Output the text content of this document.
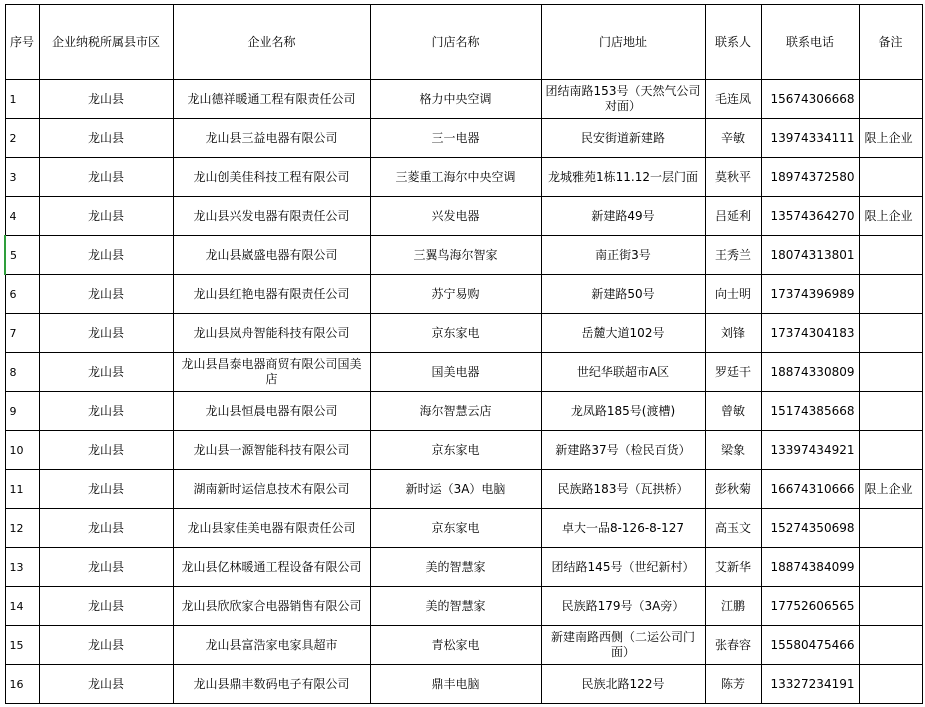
序号	企业纳税所属县市区	企业名称	门店名称	门店地址	联系人	联系电话	备注
1	龙山县	龙山德祥暖通工程有限责任公司	格力中央空调	团结南路153号（天然气公司对面）	毛连凤	15674306668	
2	龙山县	龙山县三益电器有限公司	三一电器	民安街道新建路	辛敏	13974334111	限上企业
3	龙山县	龙山创美佳科技工程有限公司	三菱重工海尔中央空调	龙城雅苑1栋11.12一层门面	莫秋平	18974372580	
4	龙山县	龙山县兴发电器有限责任公司	兴发电器	新建路49号	吕延利	13574364270	限上企业
5	龙山县	龙山县崴盛电器有限公司	三翼鸟海尔智家	南正街3号	王秀兰	18074313801	
6	龙山县	龙山县红艳电器有限责任公司	苏宁易购	新建路50号	向士明	17374396989	
7	龙山县	龙山县岚舟智能科技有限公司	京东家电	岳麓大道102号	刘锋	17374304183	
8	龙山县	龙山县昌泰电器商贸有限公司国美店	国美电器	世纪华联超市A区	罗廷干	18874330809	
9	龙山县	龙山县恒晨电器有限公司	海尔智慧云店	龙凤路185号(渡槽)	曾敏	15174385668	
10	龙山县	龙山县一源智能科技有限公司	京东家电	新建路37号（检民百货）	梁象	13397434921	
11	龙山县	湖南新时运信息技术有限公司	新时运（3A）电脑	民族路183号（瓦拱桥）	彭秋菊	16674310666	限上企业
12	龙山县	龙山县家佳美电器有限责任公司	京东家电	卓大一品8-126-8-127	高玉文	15274350698	
13	龙山县	龙山县亿林暖通工程设备有限公司	美的智慧家	团结路145号（世纪新村）	艾新华	18874384099	
14	龙山县	龙山县欣欣家合电器销售有限公司	美的智慧家	民族路179号（3A旁）	江鹏	17752606565	
15	龙山县	龙山县富浩家电家具超市	青松家电	新建南路西侧（二运公司门面）	张春容	15580475466	
16	龙山县	龙山县鼎丰数码电子有限公司	鼎丰电脑	民族北路122号	陈芳	13327234191	
